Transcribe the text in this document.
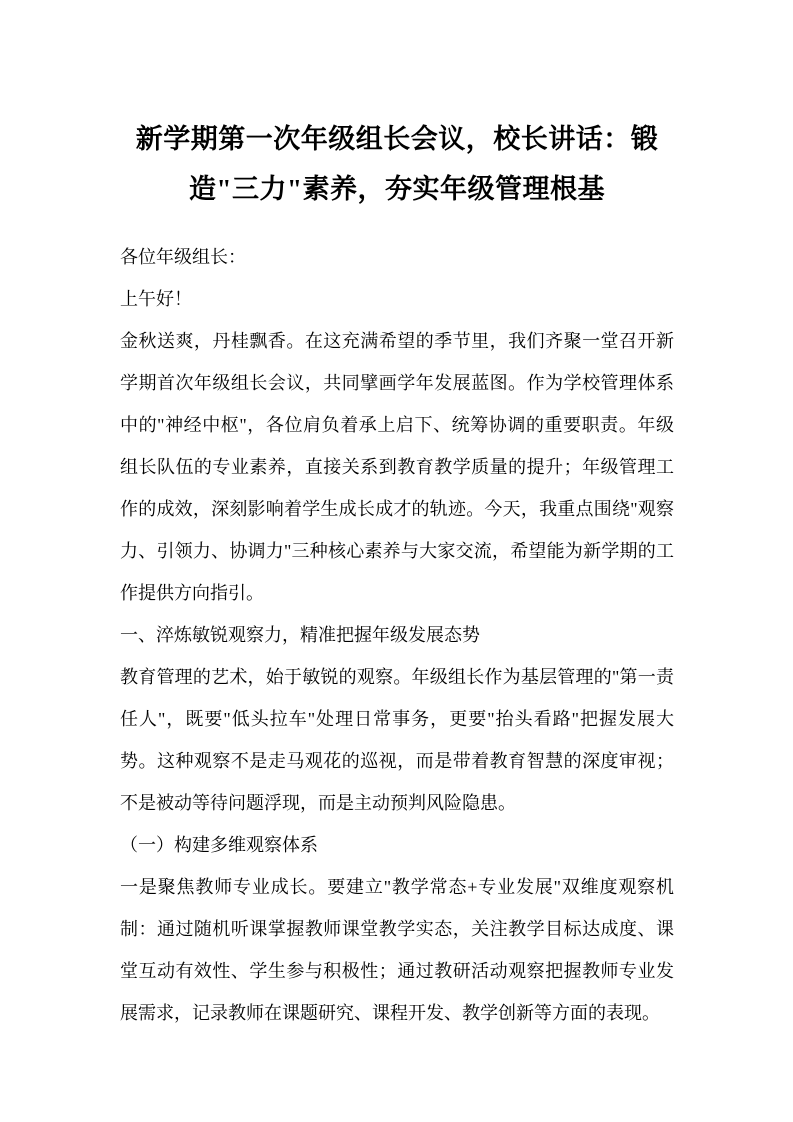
新学期第一次年级组长会议，校长讲话：锻造"三力"素养，夯实年级管理根基

各位年级组长：

上午好！

金秋送爽，丹桂飘香。在这充满希望的季节里，我们齐聚一堂召开新学期首次年级组长会议，共同擘画学年发展蓝图。作为学校管理体系中的"神经中枢"，各位肩负着承上启下、统筹协调的重要职责。年级组长队伍的专业素养，直接关系到教育教学质量的提升；年级管理工作的成效，深刻影响着学生成长成才的轨迹。今天，我重点围绕"观察力、引领力、协调力"三种核心素养与大家交流，希望能为新学期的工作提供方向指引。

一、淬炼敏锐观察力，精准把握年级发展态势

教育管理的艺术，始于敏锐的观察。年级组长作为基层管理的"第一责任人"，既要"低头拉车"处理日常事务，更要"抬头看路"把握发展大势。这种观察不是走马观花的巡视，而是带着教育智慧的深度审视；不是被动等待问题浮现，而是主动预判风险隐患。

（一）构建多维观察体系

一是聚焦教师专业成长。要建立"教学常态+专业发展"双维度观察机制：通过随机听课掌握教师课堂教学实态，关注教学目标达成度、课堂互动有效性、学生参与积极性；通过教研活动观察把握教师专业发展需求，记录教师在课题研究、课程开发、教学创新等方面的表现。
